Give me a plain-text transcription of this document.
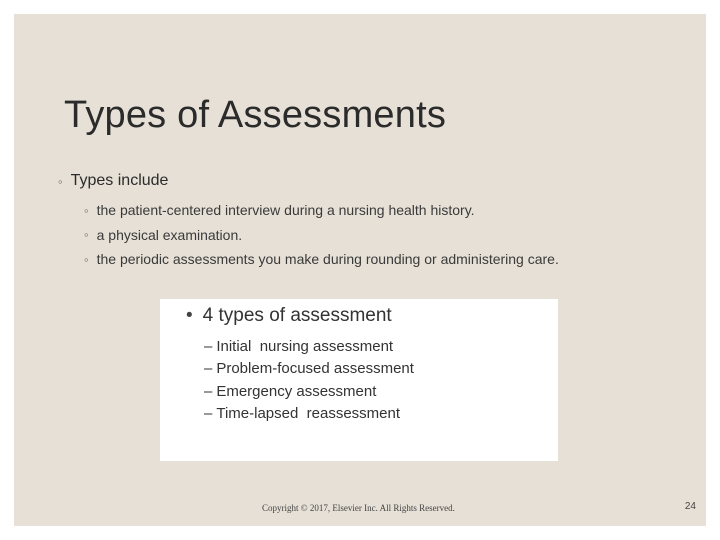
Types of Assessments
◦ Types include
◦ the patient-centered interview during a nursing health history.
◦ a physical examination.
◦ the periodic assessments you make during rounding or administering care.
• 4 types of assessment
– Initial  nursing assessment
– Problem-focused assessment
– Emergency assessment
– Time-lapsed  reassessment
Copyright © 2017, Elsevier Inc. All Rights Reserved.	24
